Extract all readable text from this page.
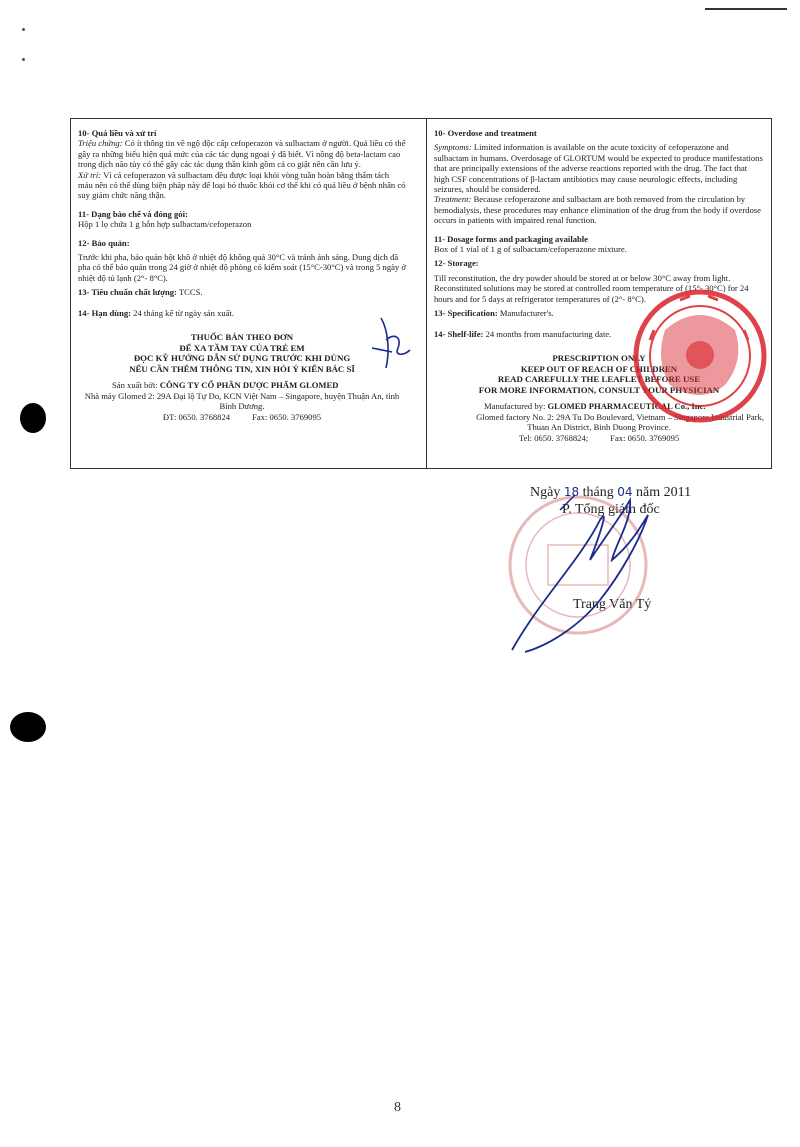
10- Quá liều và xử trí

Triệu chứng: Có ít thông tin về ngộ độc cấp cefoperazon và sulbactam ở người. Quá liều có thể gây ra những biểu hiện quá mức của các tác dụng ngoại ý đã biết. Vì nồng độ beta-lactam cao trong dịch não tủy có thể gây các tác dụng thần kinh gồm cả co giật nên cần lưu ý.

Xử trí: Vì cả cefoperazon và sulbactam đều được loại khỏi vòng tuần hoàn bằng thẩm tách máu nên có thể dùng biện pháp này để loại bỏ thuốc khỏi cơ thể khi có quá liều ở bệnh nhân có suy giảm chức năng thận.

11- Dạng bào chế và đóng gói:

Hộp 1 lọ chứa 1 g hỗn hợp sulbactam/cefoperazon

12- Bảo quản:

Trước khi pha, bảo quản bột khô ở nhiệt độ không quá 30°C và tránh ánh sáng. Dung dịch đã pha có thể bảo quản trong 24 giờ ở nhiệt độ phòng có kiểm soát (15°C-30°C) và trong 5 ngày ở nhiệt độ tủ lạnh (2°- 8°C).

13- Tiêu chuẩn chất lượng: TCCS.

14- Hạn dùng: 24 tháng kể từ ngày sản xuất.

THUỐC BÁN THEO ĐƠN

ĐỂ XA TẦM TAY CỦA TRẺ EM

ĐỌC KỸ HƯỚNG DẪN SỬ DỤNG TRƯỚC KHI DÙNG

NẾU CẦN THÊM THÔNG TIN, XIN HỎI Ý KIẾN BÁC SĨ

Sản xuất bởi: CÔNG TY CỔ PHẦN DƯỢC PHẨM GLOMED

Nhà máy Glomed 2: 29A Đại lộ Tự Do, KCN Việt Nam – Singapore, huyện Thuận An, tỉnh Bình Dương.

ĐT: 0650. 3768824	Fax: 0650. 3769095

10- Overdose and treatment

Symptoms: Limited information is available on the acute toxicity of cefoperazone and sulbactam in humans. Overdosage of GLORTUM would be expected to produce manifestations that are principally extensions of the adverse reactions reported with the drug. The fact that high CSF concentrations of β-lactam antibiotics may cause neurologic effects, including seizures, should be considered.

Treatment: Because cefoperazone and sulbactam are both removed from the circulation by hemodialysis, these procedures may enhance elimination of the drug from the body if overdose occurs in patients with impaired renal function.

11- Dosage forms and packaging available

Box of 1 vial of 1 g of sulbactam/cefoperazone mixture.

12- Storage:

Till reconstitution, the dry powder should be stored at or below 30°C away from light. Reconstituted solutions may be stored at controlled room temperature of (15°- 30°C) for 24 hours and for 5 days at refrigerator temperatures of (2°- 8°C).

13- Specification: Manufacturer's.

14- Shelf-life: 24 months from manufacturing date.

PRESCRIPTION ONLY

KEEP OUT OF REACH OF CHILDREN

READ CAREFULLY THE LEAFLET BEFORE USE

FOR MORE INFORMATION, CONSULT YOUR PHYSICIAN

Manufactured by: GLOMED PHARMACEUTICAL Co., Inc.

Glomed factory No. 2: 29A Tu Do Boulevard, Vietnam – Singapore Industrial Park,

Thuan An District, Binh Duong Province.

Tel: 0650. 3768824;	Fax: 0650. 3769095

Ngày 18 tháng 04 năm 2011
P. Tổng giám đốc
Trang Văn Tý
8
